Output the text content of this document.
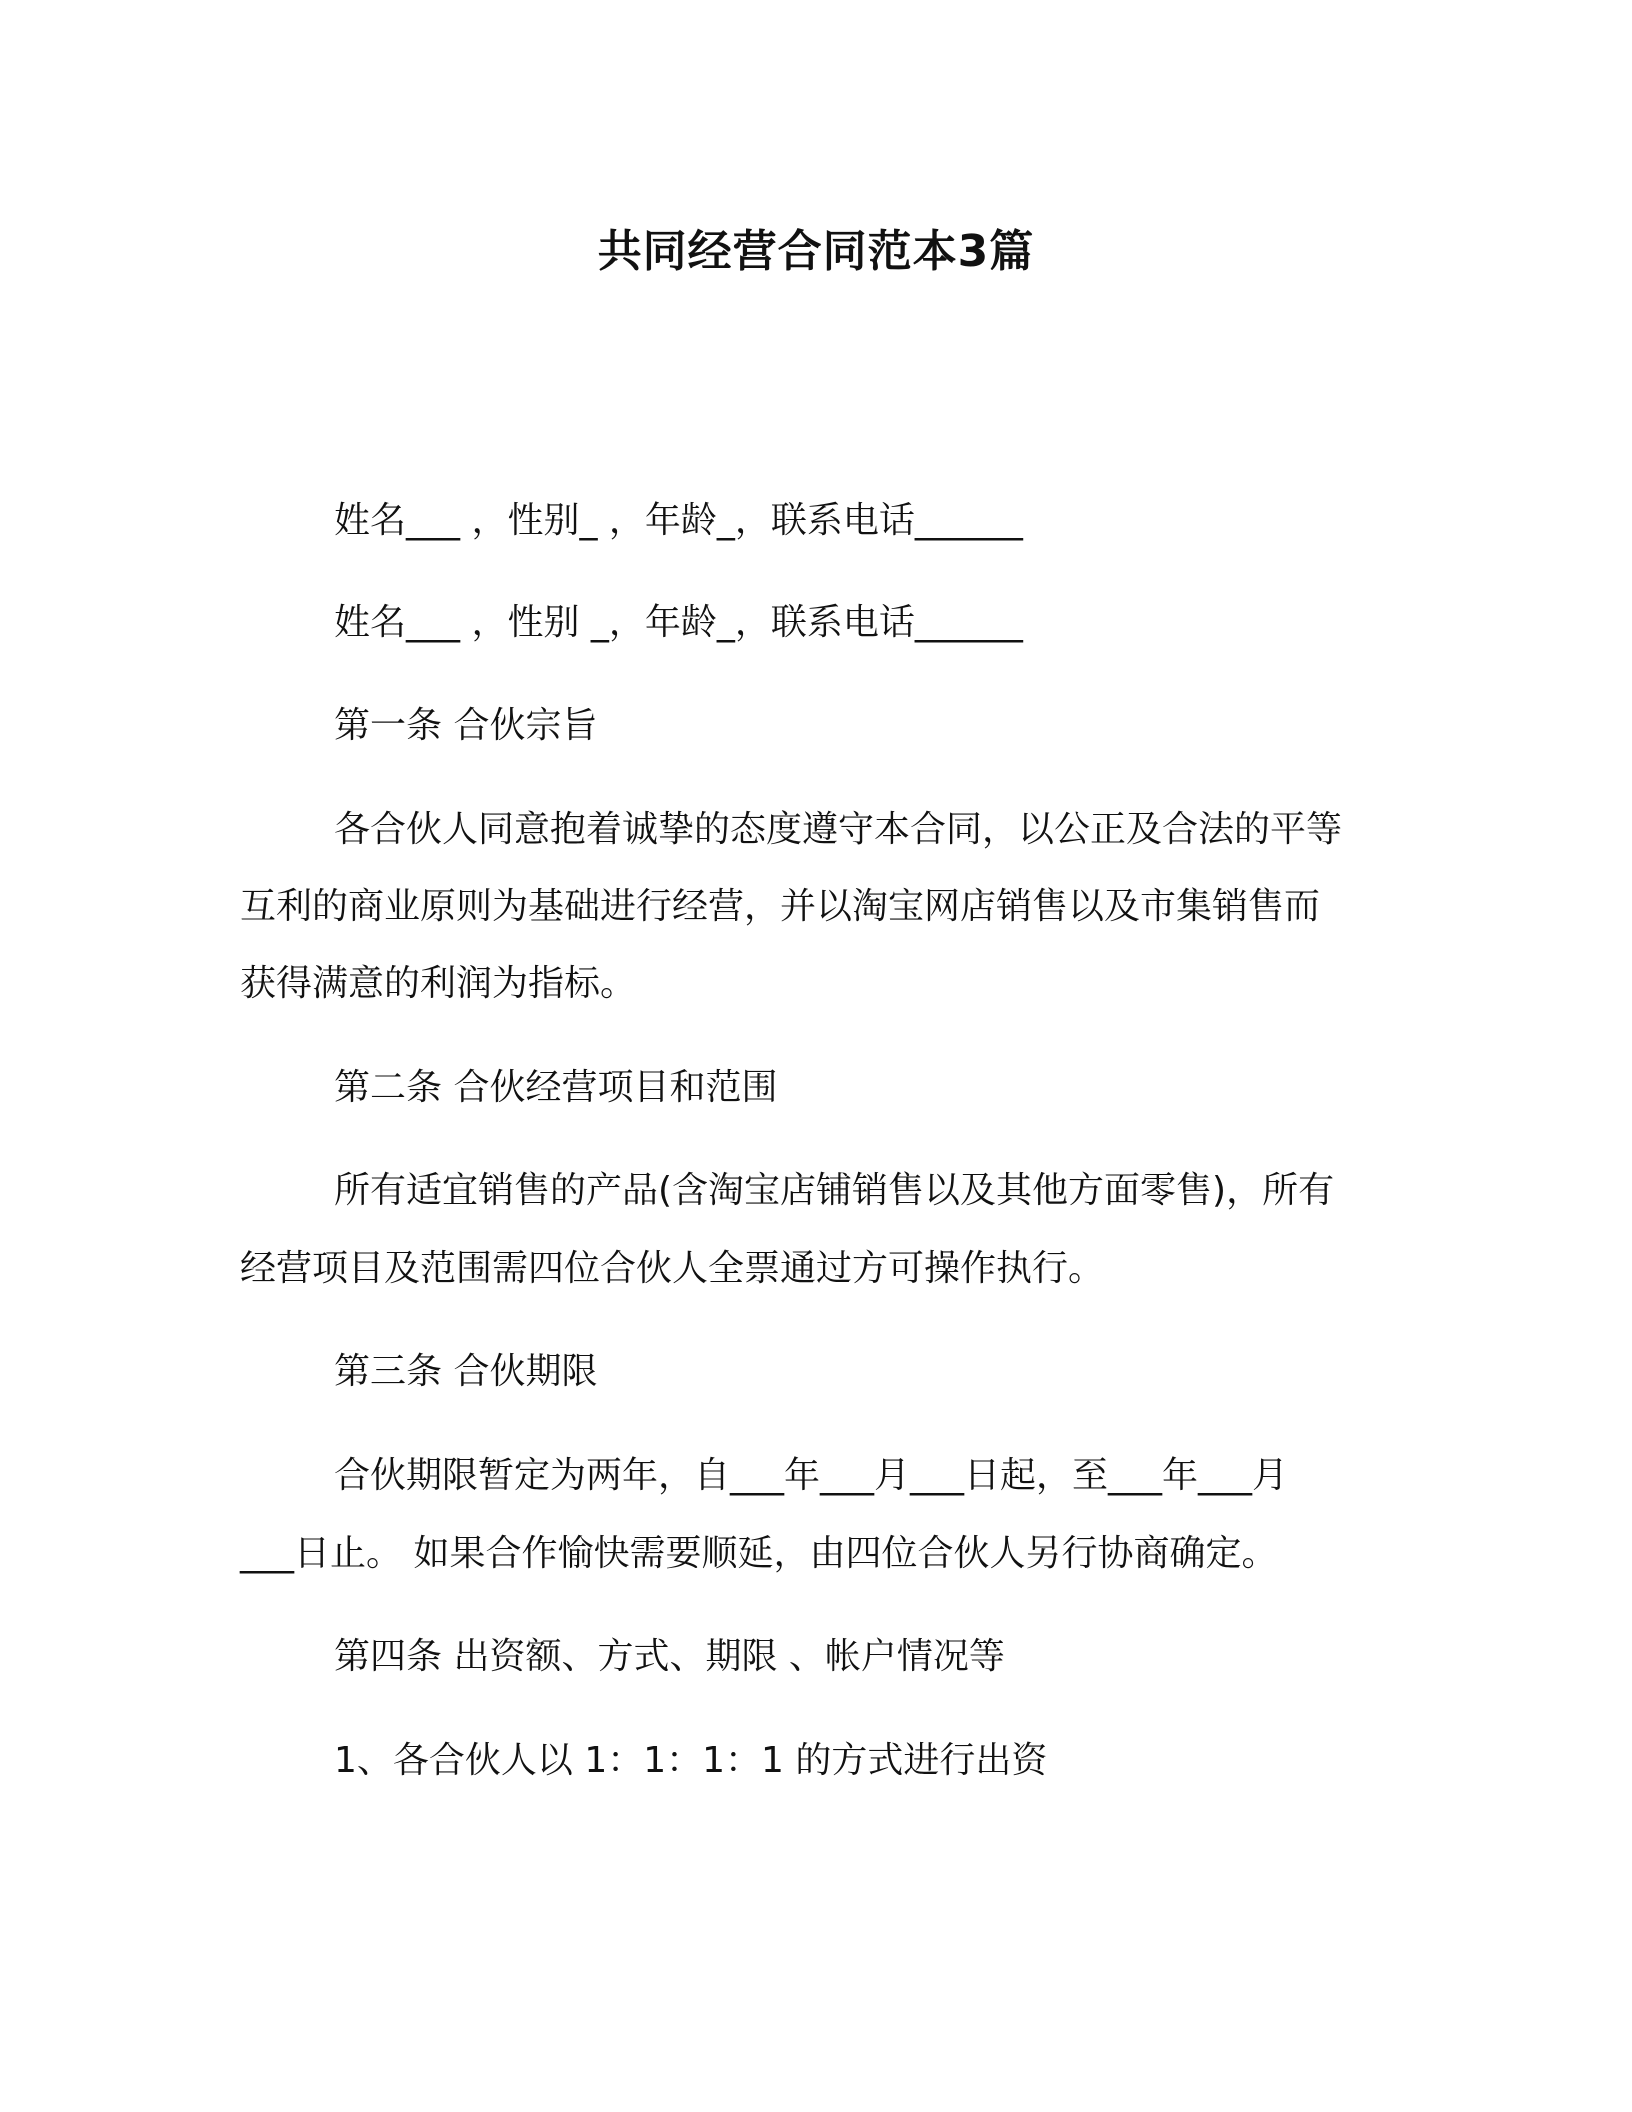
共同经营合同范本3篇
姓名___ ，性别_ ，年龄_，联系电话______
姓名___ ，性别 _，年龄_，联系电话______
第一条 合伙宗旨
各合伙人同意抱着诚挚的态度遵守本合同，以公正及合法的平等
互利的商业原则为基础进行经营，并以淘宝网店销售以及市集销售而
获得满意的利润为指标。
第二条 合伙经营项目和范围
所有适宜销售的产品(含淘宝店铺销售以及其他方面零售)，所有
经营项目及范围需四位合伙人全票通过方可操作执行。
第三条 合伙期限
合伙期限暂定为两年，自___年___月___日起，至___年___月
___日止。 如果合作愉快需要顺延，由四位合伙人另行协商确定。
第四条 出资额、方式、期限 、帐户情况等
1、各合伙人以 1：1：1：1 的方式进行出资
